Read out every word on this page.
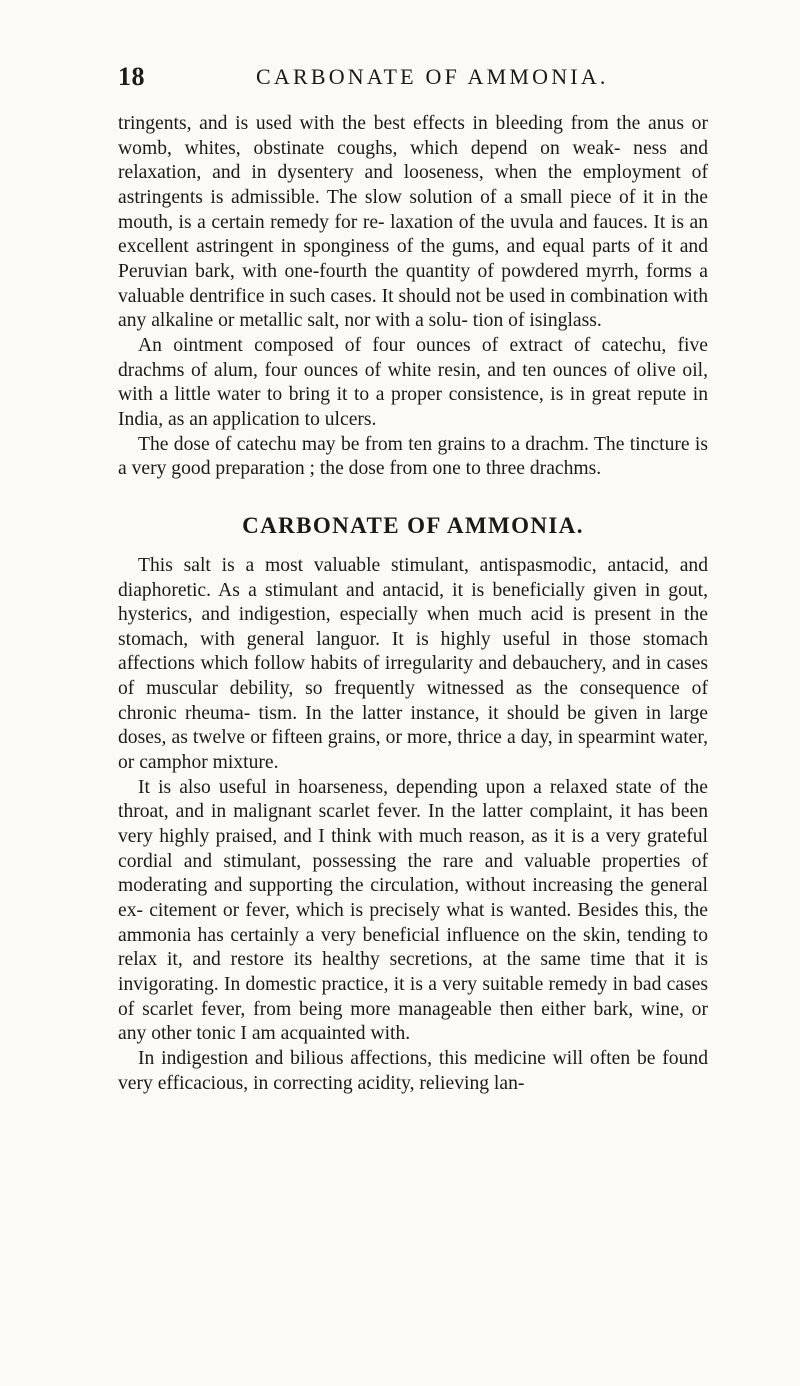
18	CARBONATE OF AMMONIA.

tringents, and is used with the best effects in bleeding from the anus or womb, whites, obstinate coughs, which depend on weak- ness and relaxation, and in dysentery and looseness, when the employment of astringents is admissible. The slow solution of a small piece of it in the mouth, is a certain remedy for re- laxation of the uvula and fauces. It is an excellent astringent in sponginess of the gums, and equal parts of it and Peruvian bark, with one-fourth the quantity of powdered myrrh, forms a valuable dentrifice in such cases. It should not be used in combination with any alkaline or metallic salt, nor with a solu- tion of isinglass.

An ointment composed of four ounces of extract of catechu, five drachms of alum, four ounces of white resin, and ten ounces of olive oil, with a little water to bring it to a proper consistence, is in great repute in India, as an application to ulcers.

The dose of catechu may be from ten grains to a drachm. The tincture is a very good preparation ; the dose from one to three drachms.

CARBONATE OF AMMONIA.

This salt is a most valuable stimulant, antispasmodic, antacid, and diaphoretic. As a stimulant and antacid, it is beneficially given in gout, hysterics, and indigestion, especially when much acid is present in the stomach, with general languor. It is highly useful in those stomach affections which follow habits of irregularity and debauchery, and in cases of muscular debility, so frequently witnessed as the consequence of chronic rheuma- tism. In the latter instance, it should be given in large doses, as twelve or fifteen grains, or more, thrice a day, in spearmint water, or camphor mixture.

It is also useful in hoarseness, depending upon a relaxed state of the throat, and in malignant scarlet fever. In the latter complaint, it has been very highly praised, and I think with much reason, as it is a very grateful cordial and stimulant, possessing the rare and valuable properties of moderating and supporting the circulation, without increasing the general ex- citement or fever, which is precisely what is wanted. Besides this, the ammonia has certainly a very beneficial influence on the skin, tending to relax it, and restore its healthy secretions, at the same time that it is invigorating. In domestic practice, it is a very suitable remedy in bad cases of scarlet fever, from being more manageable then either bark, wine, or any other tonic I am acquainted with.

In indigestion and bilious affections, this medicine will often be found very efficacious, in correcting acidity, relieving lan-
